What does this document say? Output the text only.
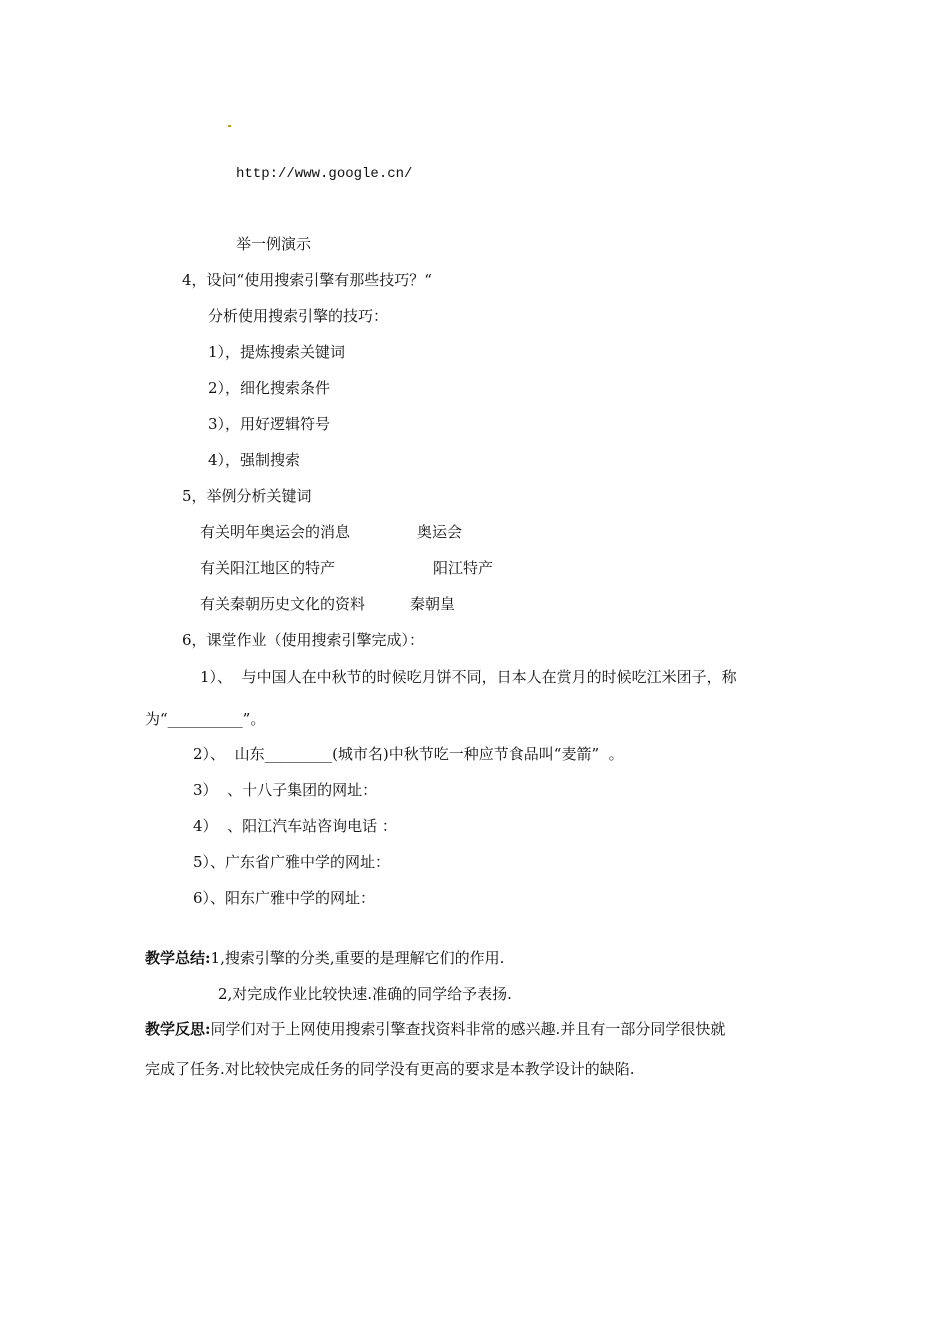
http://www.google.cn/
举一例演示
4，设问“使用搜索引擎有那些技巧？“
分析使用搜索引擎的技巧：
1），提炼搜索关键词
2），细化搜索条件
3），用好逻辑符号
4），强制搜索
5，举例分析关键词
有关明年奥运会的消息	奥运会
有关阳江地区的特产	阳江特产
有关秦朝历史文化的资料	秦朝皇
6，课堂作业（使用搜索引擎完成）：
1）、  与中国人在中秋节的时候吃月饼不同，日本人在赏月的时候吃江米团子，称
为“__________”。
2）、  山东_________(城市名)中秋节吃一种应节食品叫“麦箭”  。
3）  、十八子集团的网址：
4）  、阳江汽车站咨询电话 ：
5）、广东省广雅中学的网址：
6）、阳东广雅中学的网址：
教学总结:1,搜索引擎的分类,重要的是理解它们的作用.
2,对完成作业比较快速.准确的同学给予表扬.
教学反思:同学们对于上网使用搜索引擎查找资料非常的感兴趣.并且有一部分同学很快就
完成了任务.对比较快完成任务的同学没有更高的要求是本教学设计的缺陷.
